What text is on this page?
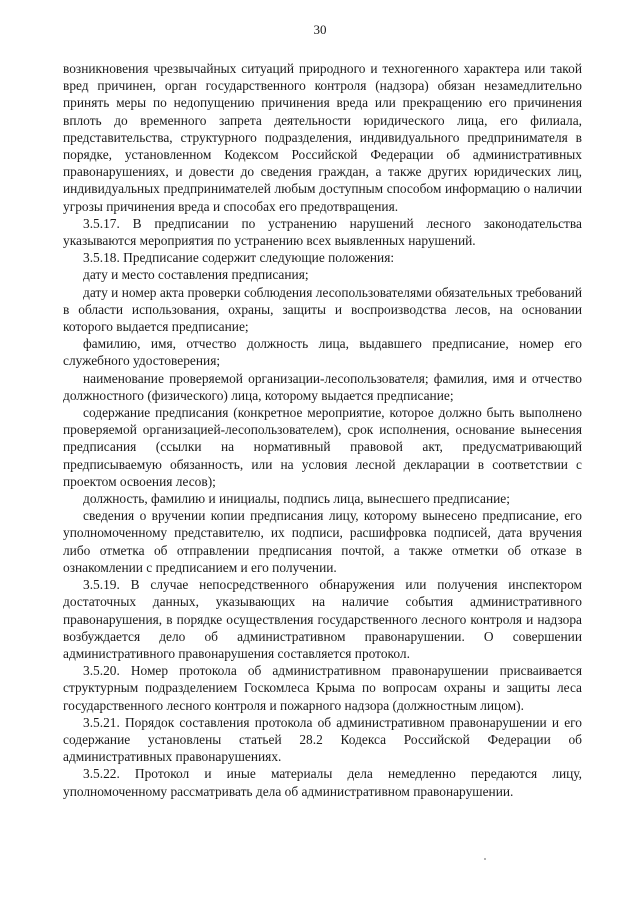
30

возникновения чрезвычайных ситуаций природного и техногенного характера или такой вред причинен, орган государственного контроля (надзора) обязан незамедлительно принять меры по недопущению причинения вреда или прекращению его причинения вплоть до временного запрета деятельности юридического лица, его филиала, представительства, структурного подразделения, индивидуального предпринимателя в порядке, установленном Кодексом Российской Федерации об административных правонарушениях, и довести до сведения граждан, а также других юридических лиц, индивидуальных предпринимателей любым доступным способом информацию о наличии угрозы причинения вреда и способах его предотвращения.

3.5.17. В предписании по устранению нарушений лесного законодательства указываются мероприятия по устранению всех выявленных нарушений.

3.5.18. Предписание содержит следующие положения:

дату и место составления предписания;

дату и номер акта проверки соблюдения лесопользователями обязательных требований в области использования, охраны, защиты и воспроизводства лесов, на основании которого выдается предписание;

фамилию, имя, отчество должность лица, выдавшего предписание, номер его служебного удостоверения;

наименование проверяемой организации-лесопользователя; фамилия, имя и отчество должностного (физического) лица, которому выдается предписание;

содержание предписания (конкретное мероприятие, которое должно быть выполнено проверяемой организацией-лесопользователем), срок исполнения, основание вынесения предписания (ссылки на нормативный правовой акт, предусматривающий предписываемую обязанность, или на условия лесной декларации в соответствии с проектом освоения лесов);

должность, фамилию и инициалы, подпись лица, вынесшего предписание;

сведения о вручении копии предписания лицу, которому вынесено предписание, его уполномоченному представителю, их подписи, расшифровка подписей, дата вручения либо отметка об отправлении предписания почтой, а также отметки об отказе в ознакомлении с предписанием и его получении.

3.5.19. В случае непосредственного обнаружения или получения инспектором достаточных данных, указывающих на наличие события административного правонарушения, в порядке осуществления государственного лесного контроля и надзора возбуждается дело об административном правонарушении. О совершении административного правонарушения составляется протокол.

3.5.20. Номер протокола об административном правонарушении присваивается структурным подразделением Госкомлеса Крыма по вопросам охраны и защиты леса государственного лесного контроля и пожарного надзора (должностным лицом).

3.5.21. Порядок составления протокола об административном правонарушении и его содержание установлены статьей 28.2 Кодекса Российской Федерации об административных правонарушениях.

3.5.22. Протокол и иные материалы дела немедленно передаются лицу, уполномоченному рассматривать дела об административном правонарушении.
